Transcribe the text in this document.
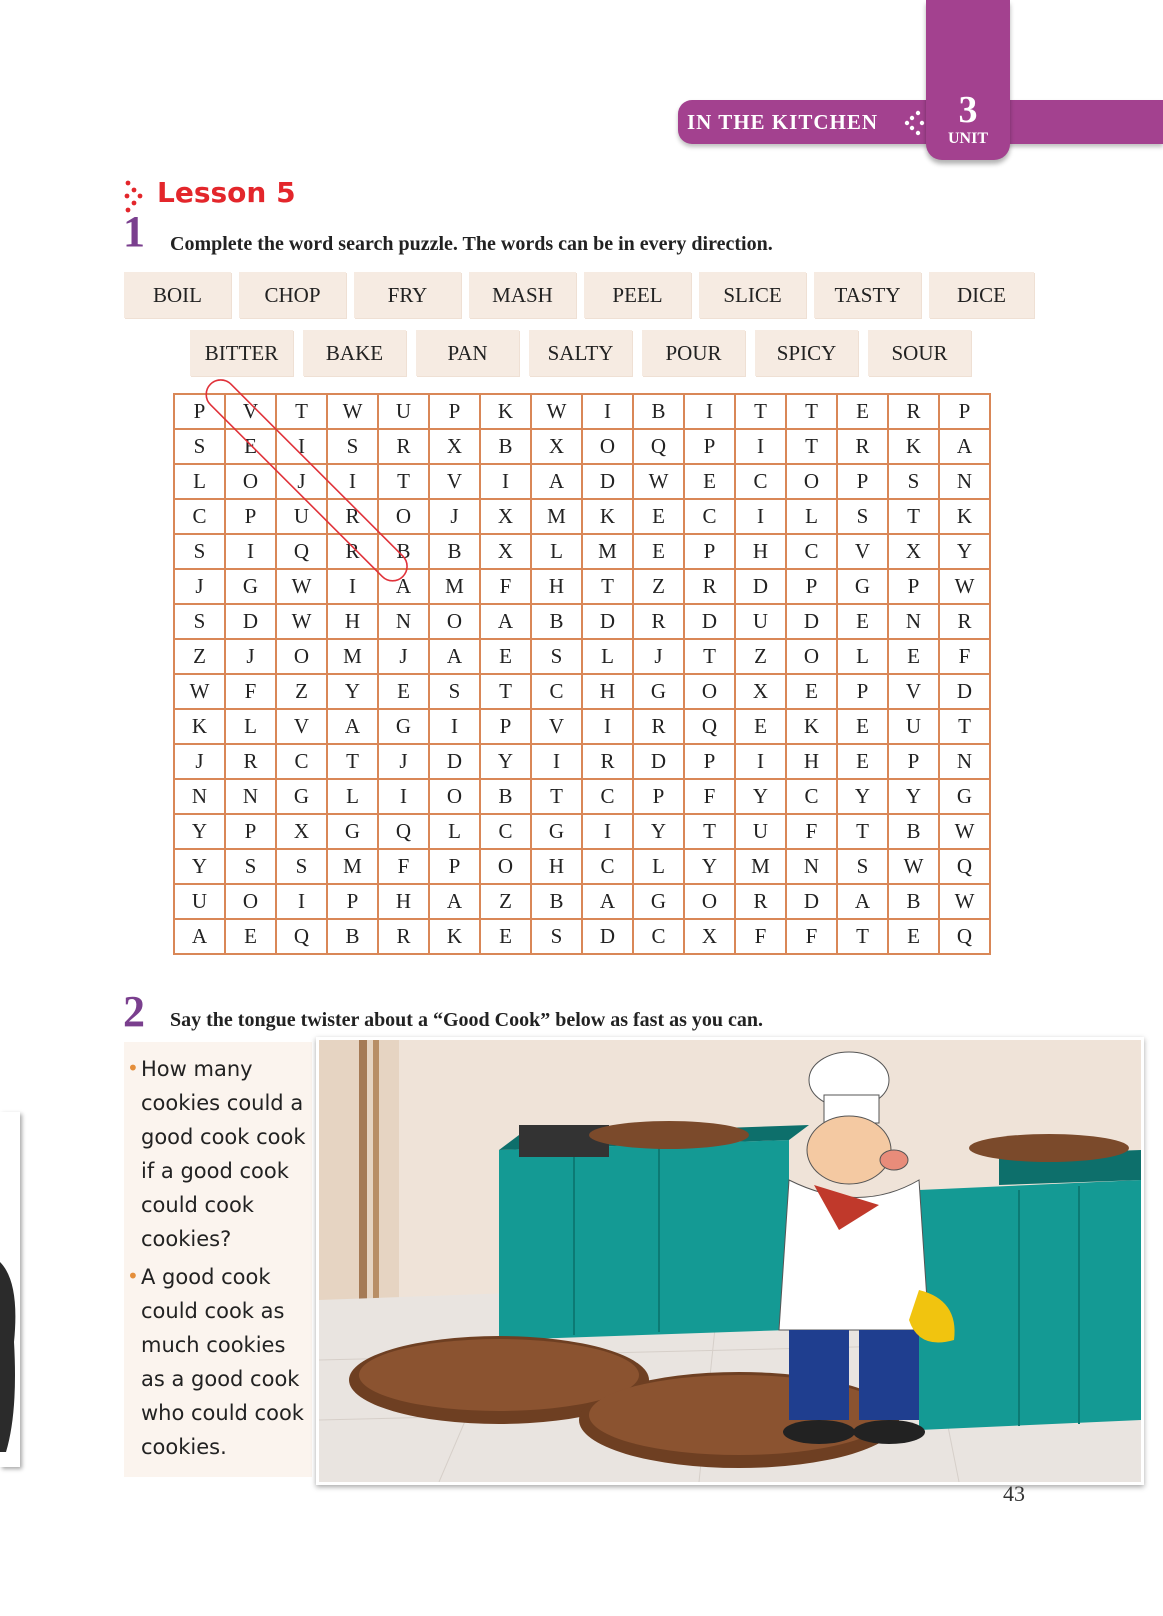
IN THE KITCHEN	3
UNIT
Lesson 5
1 Complete the word search puzzle. The words can be in every direction.
BOIL	CHOP	FRY	MASH	PEEL	SLICE	TASTY	DICE
BITTER	BAKE	PAN	SALTY	POUR	SPICY	SOUR
P	V	T	W	U	P	K	W	I	B	I	T	T	E	R	P
S	E	I	S	R	X	B	X	O	Q	P	I	T	R	K	A
L	O	J	I	T	V	I	A	D	W	E	C	O	P	S	N
C	P	U	R	O	J	X	M	K	E	C	I	L	S	T	K
S	I	Q	R	B	B	X	L	M	E	P	H	C	V	X	Y
J	G	W	I	A	M	F	H	T	Z	R	D	P	G	P	W
S	D	W	H	N	O	A	B	D	R	D	U	D	E	N	R
Z	J	O	M	J	A	E	S	L	J	T	Z	O	L	E	F
W	F	Z	Y	E	S	T	C	H	G	O	X	E	P	V	D
K	L	V	A	G	I	P	V	I	R	Q	E	K	E	U	T
J	R	C	T	J	D	Y	I	R	D	P	I	H	E	P	N
N	N	G	L	I	O	B	T	C	P	F	Y	C	Y	Y	G
Y	P	X	G	Q	L	C	G	I	Y	T	U	F	T	B	W
Y	S	S	M	F	P	O	H	C	L	Y	M	N	S	W	Q
U	O	I	P	H	A	Z	B	A	G	O	R	D	A	B	W
A	E	Q	B	R	K	E	S	D	C	X	F	F	T	E	Q
2 Say the tongue twister about a “Good Cook” below as fast as you can.
• How many
cookies could a
good cook cook
if a good cook
could cook
cookies?
• A good cook
could cook as
much cookies
as a good cook
who could cook
cookies.
43
